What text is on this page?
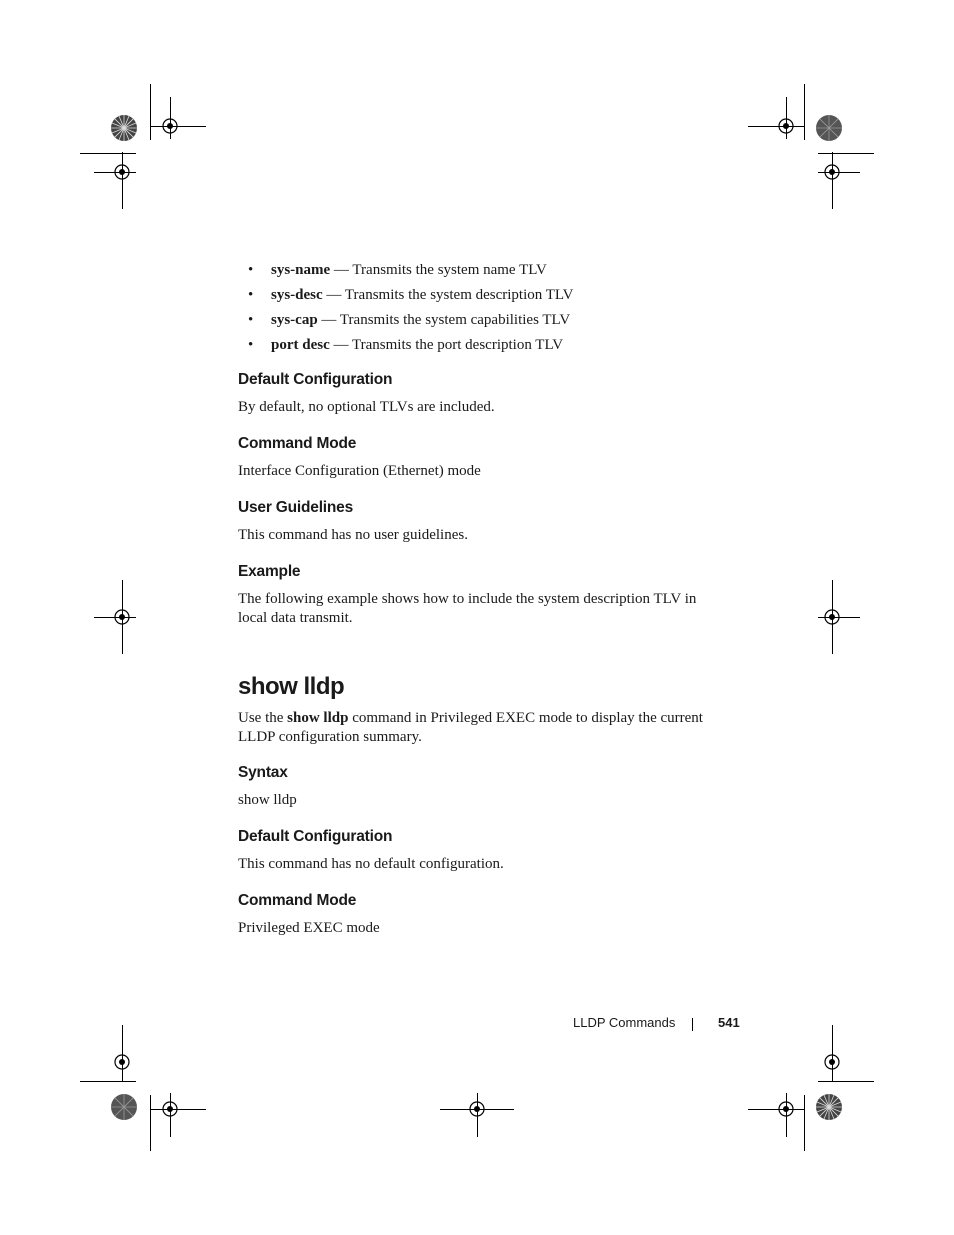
• sys-name — Transmits the system name TLV
• sys-desc — Transmits the system description TLV
• sys-cap — Transmits the system capabilities TLV
• port desc — Transmits the port description TLV
Default Configuration

By default, no optional TLVs are included.

Command Mode

Interface Configuration (Ethernet) mode

User Guidelines

This command has no user guidelines.

Example

The following example shows how to include the system description TLV in
local data transmit.

show lldp

Use the show lldp command in Privileged EXEC mode to display the current
LLDP configuration summary.

Syntax

show lldp

Default Configuration

This command has no default configuration.

Command Mode

Privileged EXEC mode

LLDP Commands	541
